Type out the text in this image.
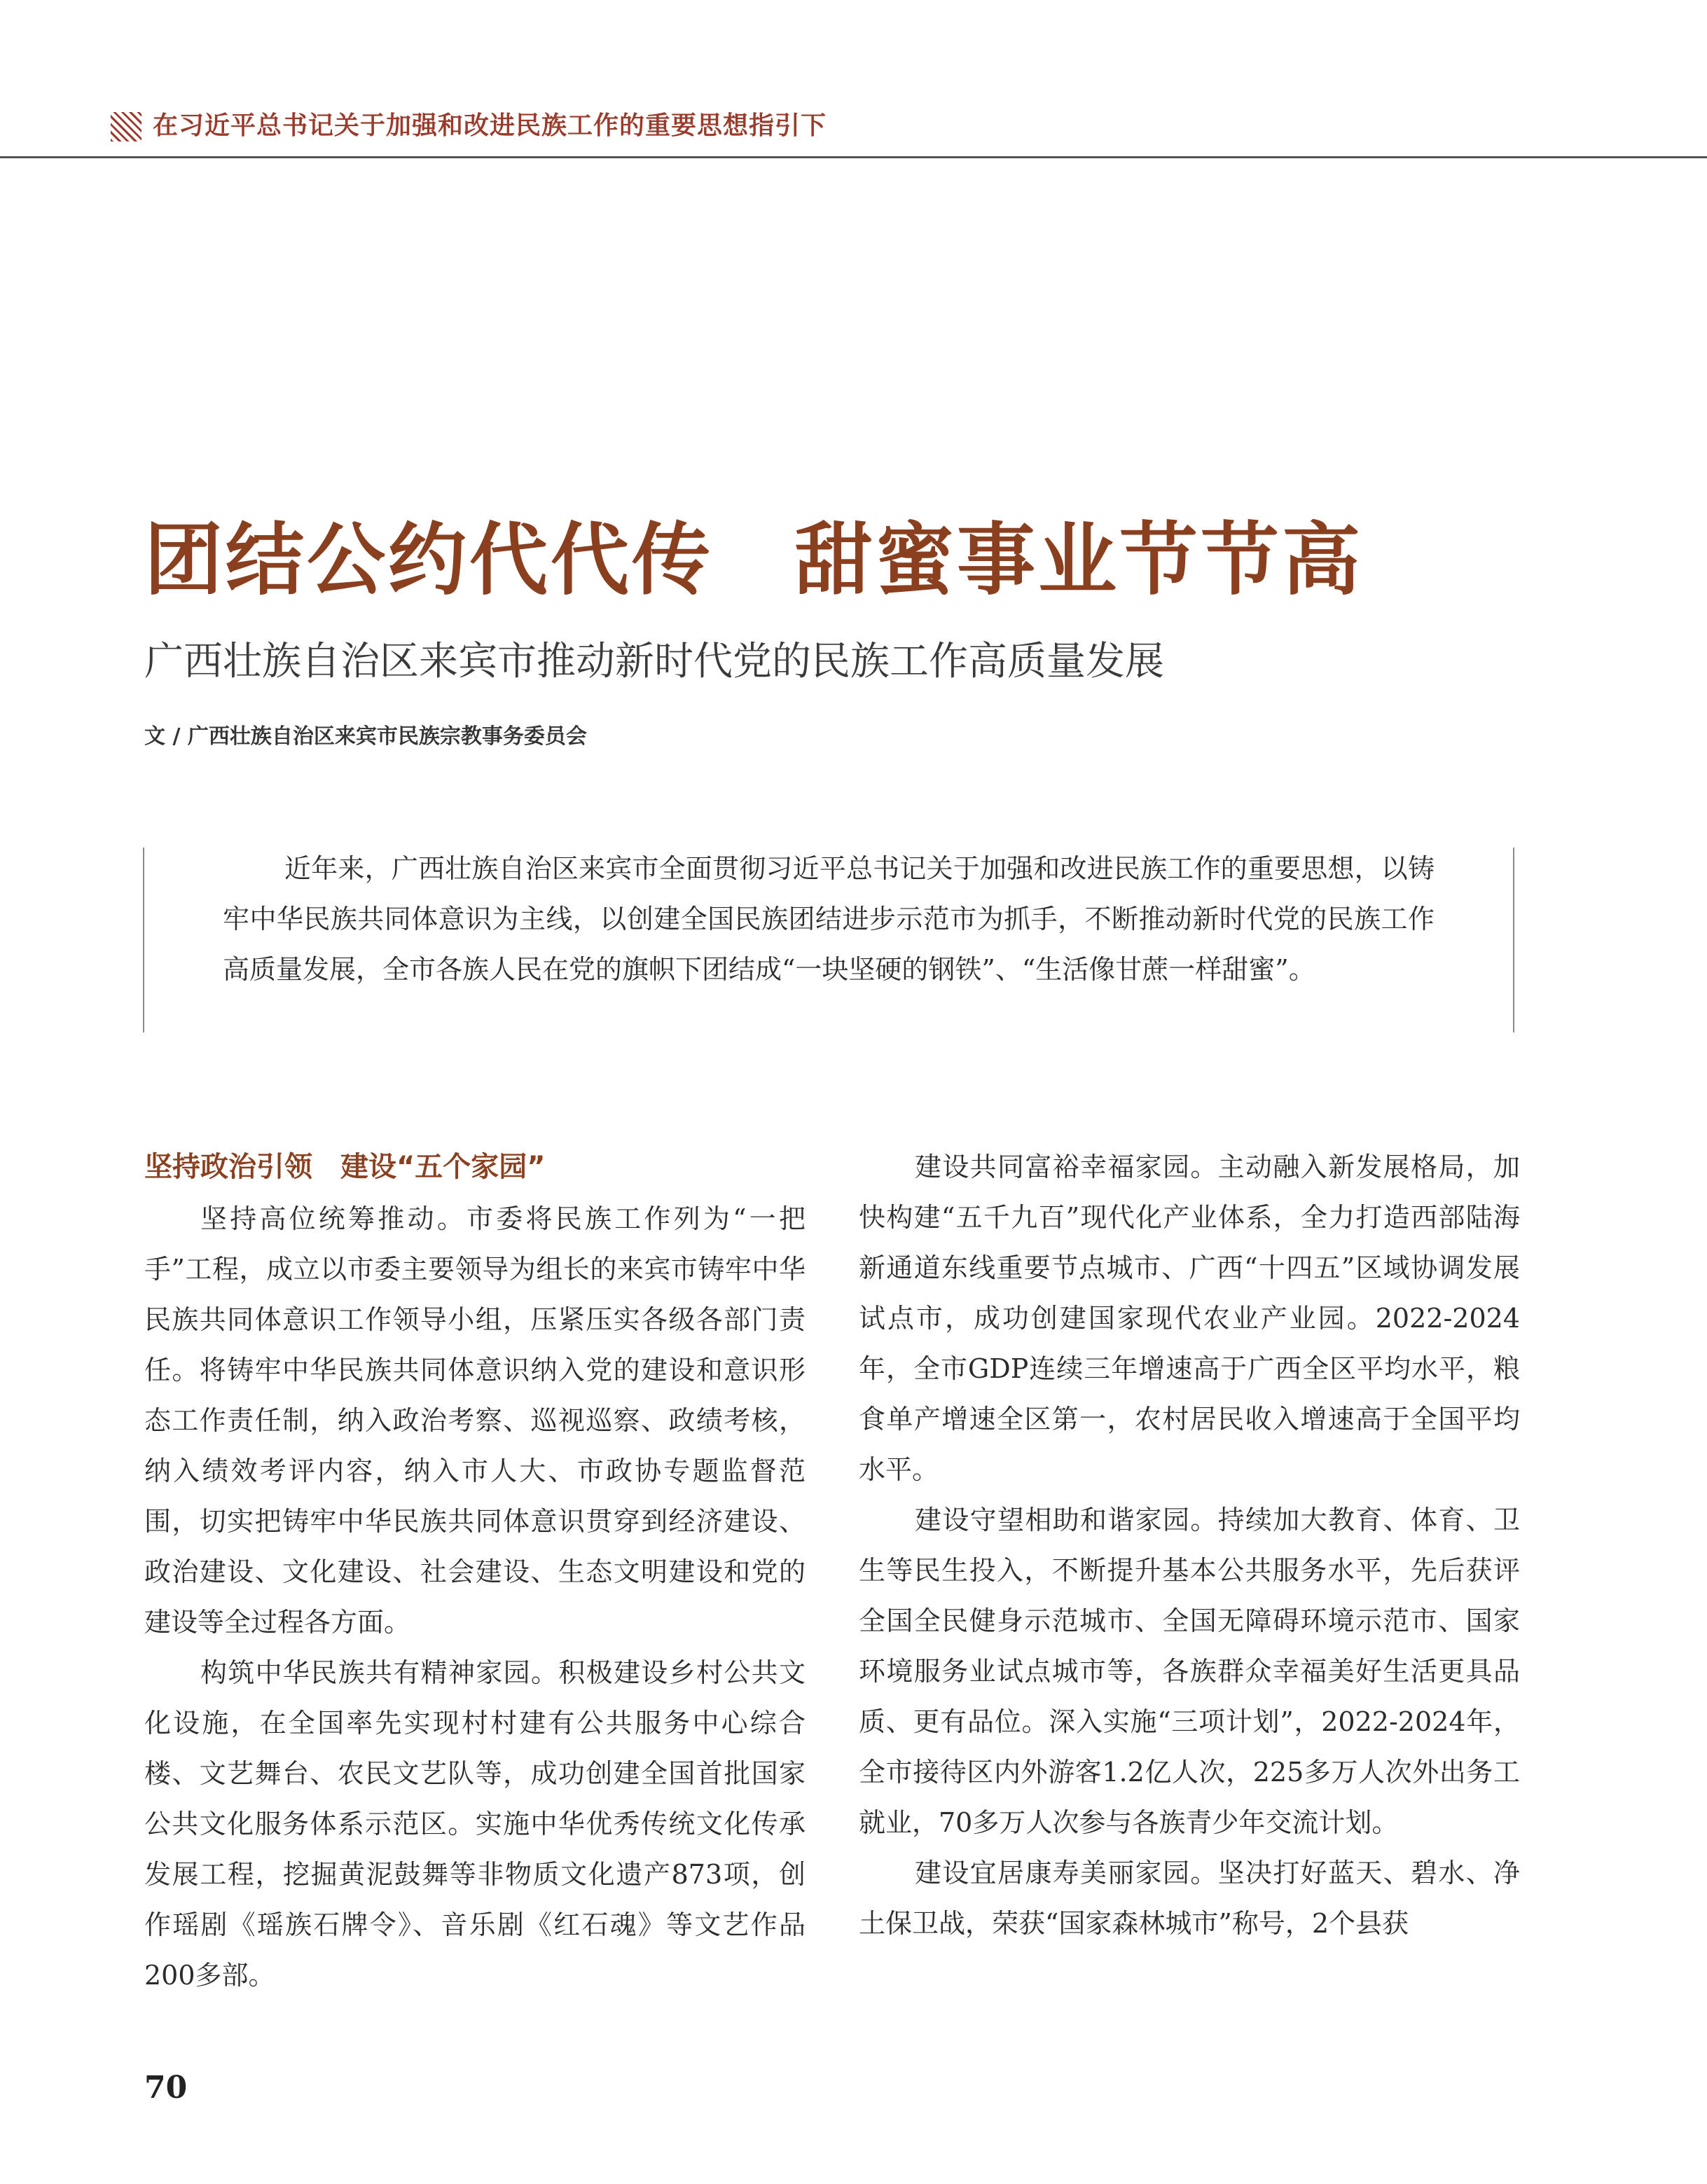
在习近平总书记关于加强和改进民族工作的重要思想指引下
团结公约代代传　甜蜜事业节节高
广西壮族自治区来宾市推动新时代党的民族工作高质量发展
文 / 广西壮族自治区来宾市民族宗教事务委员会
近年来，广西壮族自治区来宾市全面贯彻习近平总书记关于加强和改进民族工作的重要思想，以铸牢中华民族共同体意识为主线，以创建全国民族团结进步示范市为抓手，不断推动新时代党的民族工作高质量发展，全市各族人民在党的旗帜下团结成“一块坚硬的钢铁”、“生活像甘蔗一样甜蜜”。
坚持政治引领　建设“五个家园”

坚持高位统筹推动。市委将民族工作列为“一把手”工程，成立以市委主要领导为组长的来宾市铸牢中华民族共同体意识工作领导小组，压紧压实各级各部门责任。将铸牢中华民族共同体意识纳入党的建设和意识形态工作责任制，纳入政治考察、巡视巡察、政绩考核，纳入绩效考评内容，纳入市人大、市政协专题监督范围，切实把铸牢中华民族共同体意识贯穿到经济建设、政治建设、文化建设、社会建设、生态文明建设和党的建设等全过程各方面。

构筑中华民族共有精神家园。积极建设乡村公共文化设施，在全国率先实现村村建有公共服务中心综合楼、文艺舞台、农民文艺队等，成功创建全国首批国家公共文化服务体系示范区。实施中华优秀传统文化传承发展工程，挖掘黄泥鼓舞等非物质文化遗产873项，创作瑶剧《瑶族石牌令》、音乐剧《红石魂》等文艺作品200多部。

建设共同富裕幸福家园。主动融入新发展格局，加快构建“五千九百”现代化产业体系，全力打造西部陆海新通道东线重要节点城市、广西“十四五”区域协调发展试点市，成功创建国家现代农业产业园。2022-2024年，全市GDP连续三年增速高于广西全区平均水平，粮食单产增速全区第一，农村居民收入增速高于全国平均水平。

建设守望相助和谐家园。持续加大教育、体育、卫生等民生投入，不断提升基本公共服务水平，先后获评全国全民健身示范城市、全国无障碍环境示范市、国家环境服务业试点城市等，各族群众幸福美好生活更具品质、更有品位。深入实施“三项计划”，2022-2024年，全市接待区内外游客1.2亿人次，225多万人次外出务工就业，70多万人次参与各族青少年交流计划。

建设宜居康寿美丽家园。坚决打好蓝天、碧水、净土保卫战，荣获“国家森林城市”称号，2个县获

70
